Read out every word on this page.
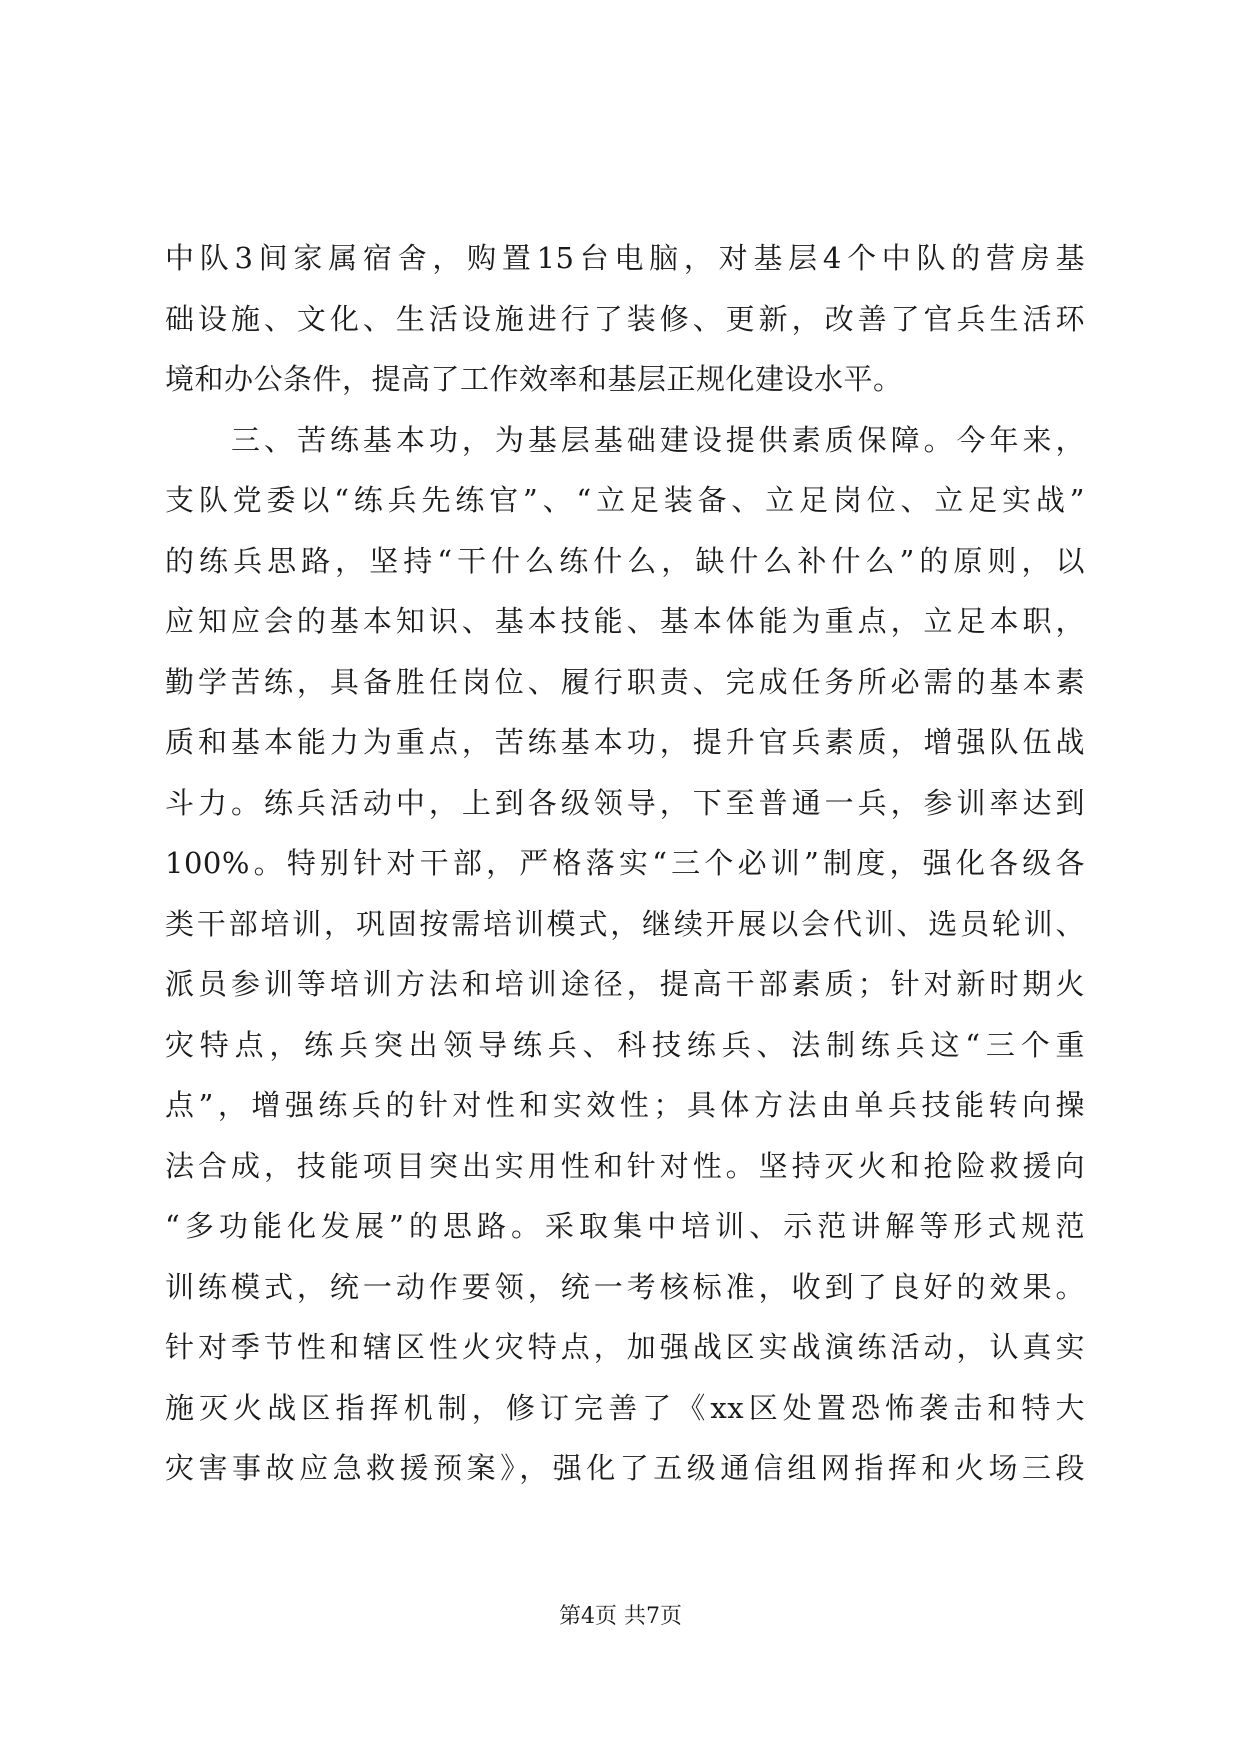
中队3间家属宿舍，购置15台电脑，对基层4个中队的营房基
础设施、文化、生活设施进行了装修、更新，改善了官兵生活环
境和办公条件，提高了工作效率和基层正规化建设水平。
三、苦练基本功，为基层基础建设提供素质保障。今年来，
支队党委以“练兵先练官”、“立足装备、立足岗位、立足实战”
的练兵思路，坚持“干什么练什么，缺什么补什么”的原则，以
应知应会的基本知识、基本技能、基本体能为重点，立足本职，
勤学苦练，具备胜任岗位、履行职责、完成任务所必需的基本素
质和基本能力为重点，苦练基本功，提升官兵素质，增强队伍战
斗力。练兵活动中，上到各级领导，下至普通一兵，参训率达到
100%。特别针对干部，严格落实“三个必训”制度，强化各级各
类干部培训，巩固按需培训模式，继续开展以会代训、选员轮训、
派员参训等培训方法和培训途径，提高干部素质；针对新时期火
灾特点，练兵突出领导练兵、科技练兵、法制练兵这“三个重
点”，增强练兵的针对性和实效性；具体方法由单兵技能转向操
法合成，技能项目突出实用性和针对性。坚持灭火和抢险救援向
“多功能化发展”的思路。采取集中培训、示范讲解等形式规范
训练模式，统一动作要领，统一考核标准，收到了良好的效果。
针对季节性和辖区性火灾特点，加强战区实战演练活动，认真实
施灭火战区指挥机制，修订完善了《xx区处置恐怖袭击和特大
灾害事故应急救援预案》，强化了五级通信组网指挥和火场三段
第4页 共7页
